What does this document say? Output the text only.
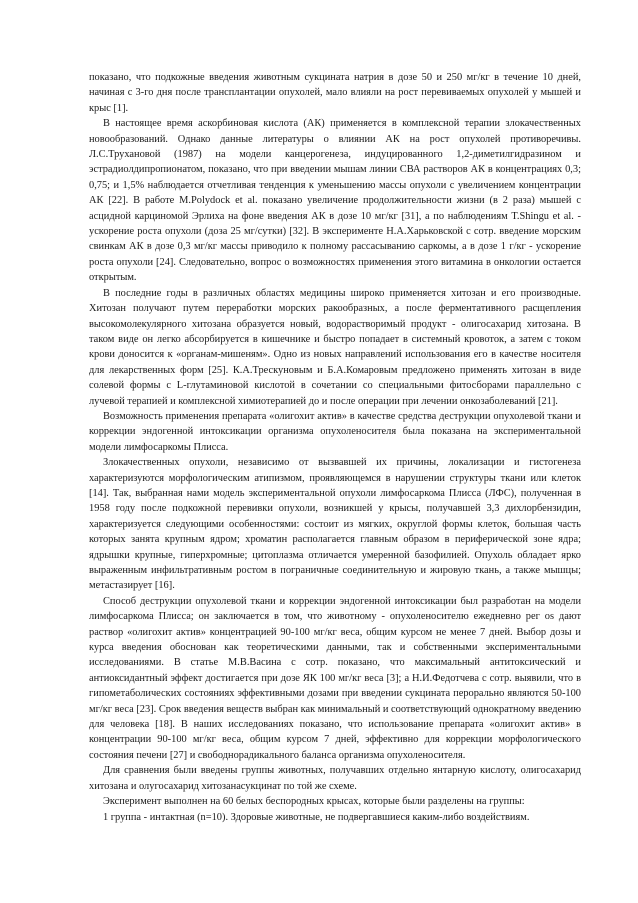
показано, что подкожные введения животным сукцината натрия в дозе 50 и 250 мг/кг в течение 10 дней, начиная с 3-го дня после трансплантации опухолей, мало влияли на рост перевиваемых опухолей у мышей и крыс [1].

В настоящее время аскорбиновая кислота (АК) применяется в комплексной терапии злокачественных новообразований. Однако данные литературы о влиянии АК на рост опухолей противоречивы. Л.С.Трухановой (1987) на модели канцерогенеза, индуцированного 1,2-диметилгидразином и эстрадиолдипропионатом, показано, что при введении мышам линии СВА растворов АК в концентрациях 0,3; 0,75; и 1,5% наблюдается отчетливая тенденция к уменьшению массы опухоли с увеличением концентрации АК [22]. В работе M.Polydock et al. показано увеличение продолжительности жизни (в 2 раза) мышей с асцидной карциномой Эрлиха на фоне введения АК в дозе 10 мг/кг [31], а по наблюдениям T.Shingu et al. - ускорение роста опухоли (доза 25 мг/сутки) [32]. В эксперименте Н.А.Харьковской с сотр. введение морским свинкам АК в дозе 0,3 мг/кг массы приводило к полному рассасыванию саркомы, а в дозе 1 г/кг - ускорение роста опухоли [24]. Следовательно, вопрос о возможностях применения этого витамина в онкологии остается открытым.

В последние годы в различных областях медицины широко применяется хитозан и его производные. Хитозан получают путем переработки морских ракообразных, а после ферментативного расщепления высокомолекулярного хитозана образуется новый, водорастворимый продукт - олигосахарид хитозана. В таком виде он легко абсорбируется в кишечнике и быстро попадает в системный кровоток, а затем с током крови доносится к «органам-мишеням». Одно из новых направлений использования его в качестве носителя для лекарственных форм [25]. К.А.Трескуновым и Б.А.Комаровым предложено применять хитозан в виде солевой формы с L-глутаминовой кислотой в сочетании со специальными фитосборами параллельно с лучевой терапией и комплексной химиотерапией до и после операции при лечении онкозаболеваний [21].

Возможность применения препарата «олигохит актив» в качестве средства деструкции опухолевой ткани и коррекции эндогенной интоксикации организма опухоленосителя была показана на экспериментальной модели лимфосаркомы Плисса.

Злокачественных опухоли, независимо от вызвавшей их причины, локализации и гистогенеза характеризуются морфологическим атипизмом, проявляющемся в нарушении структуры ткани или клеток [14]. Так, выбранная нами модель экспериментальной опухоли лимфосаркома Плисса (ЛФС), полученная в 1958 году после подкожной перевивки опухоли, возникшей у крысы, получавшей 3,3 дихлорбензидин, характеризуется следующими особенностями: состоит из мягких, округлой формы клеток, большая часть которых занята крупным ядром; хроматин располагается главным образом в периферической зоне ядра; ядрышки крупные, гиперхромные; цитоплазма отличается умеренной базофилией. Опухоль обладает ярко выраженным инфильтративным ростом в пограничные соединительную и жировую ткань, а также мышцы; метастазирует [16].

Способ деструкции опухолевой ткани и коррекции эндогенной интоксикации был разработан на модели лимфосаркома Плисса; он заключается в том, что животному - опухоленосителю ежедневно рег os дают раствор «олигохит актив» концентрацией 90-100 мг/кг веса, общим курсом не менее 7 дней. Выбор дозы и курса введения обоснован как теоретическими данными, так и собственными экспериментальными исследованиями. В статье М.В.Васина с сотр. показано, что максимальный антитоксический и антиоксидантный эффект достигается при дозе ЯК 100 мг/кг веса [3]; а Н.И.Федотчева с сотр. выявили, что в гипометаболических состояниях эффективными дозами при введении сукцината перорально являются 50-100 мг/кг веса [23]. Срок введения веществ выбран как минимальный и соответствующий однократному введению для человека [18]. В наших исследованиях показано, что использование препарата «олигохит актив» в концентрации 90-100 мг/кг веса, общим курсом 7 дней, эффективно для коррекции морфологического состояния печени [27] и свободнорадикального баланса организма опухоленосителя.

Для сравнения были введены группы животных, получавших отдельно янтарную кислоту, олигосахарид хитозана и олугосахарид хитозанасукцинат по той же схеме.

Эксперимент выполнен на 60 белых беспородных крысах, которые были разделены на группы:

1 группа - интактная (n=10). Здоровые животные, не подвергавшиеся каким-либо воздействиям.
